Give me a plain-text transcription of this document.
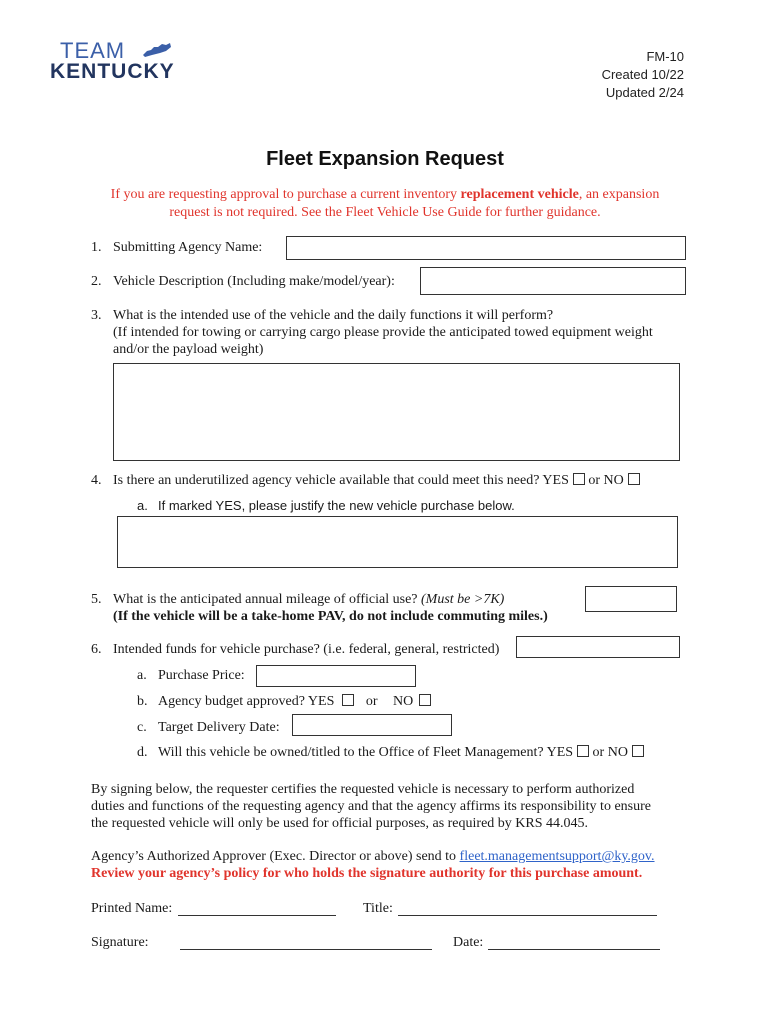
TEAM
KENTUCKY
FM-10
Created 10/22
Updated 2/24
Fleet Expansion Request
If you are requesting approval to purchase a current inventory replacement vehicle, an expansion
request is not required. See the Fleet Vehicle Use Guide for further guidance.
1. Submitting Agency Name:
2. Vehicle Description (Including make/model/year):
3. What is the intended use of the vehicle and the daily functions it will perform?
(If intended for towing or carrying cargo please provide the anticipated towed equipment weight
and/or the payload weight)
4. Is there an underutilized agency vehicle available that could meet this need? YES or NO
a. If marked YES, please justify the new vehicle purchase below.
5. What is the anticipated annual mileage of official use? (Must be >7K)
(If the vehicle will be a take-home PAV, do not include commuting miles.)
6. Intended funds for vehicle purchase? (i.e. federal, general, restricted)
a. Purchase Price:
b. Agency budget approved? YES or NO
c. Target Delivery Date:
d. Will this vehicle be owned/titled to the Office of Fleet Management? YES or NO
By signing below, the requester certifies the requested vehicle is necessary to perform authorized
duties and functions of the requesting agency and that the agency affirms its responsibility to ensure
the requested vehicle will only be used for official purposes, as required by KRS 44.045.
Agency’s Authorized Approver (Exec. Director or above) send to fleet.managementsupport@ky.gov.
Review your agency’s policy for who holds the signature authority for this purchase amount.
Printed Name:	Title:
Signature:	Date:
